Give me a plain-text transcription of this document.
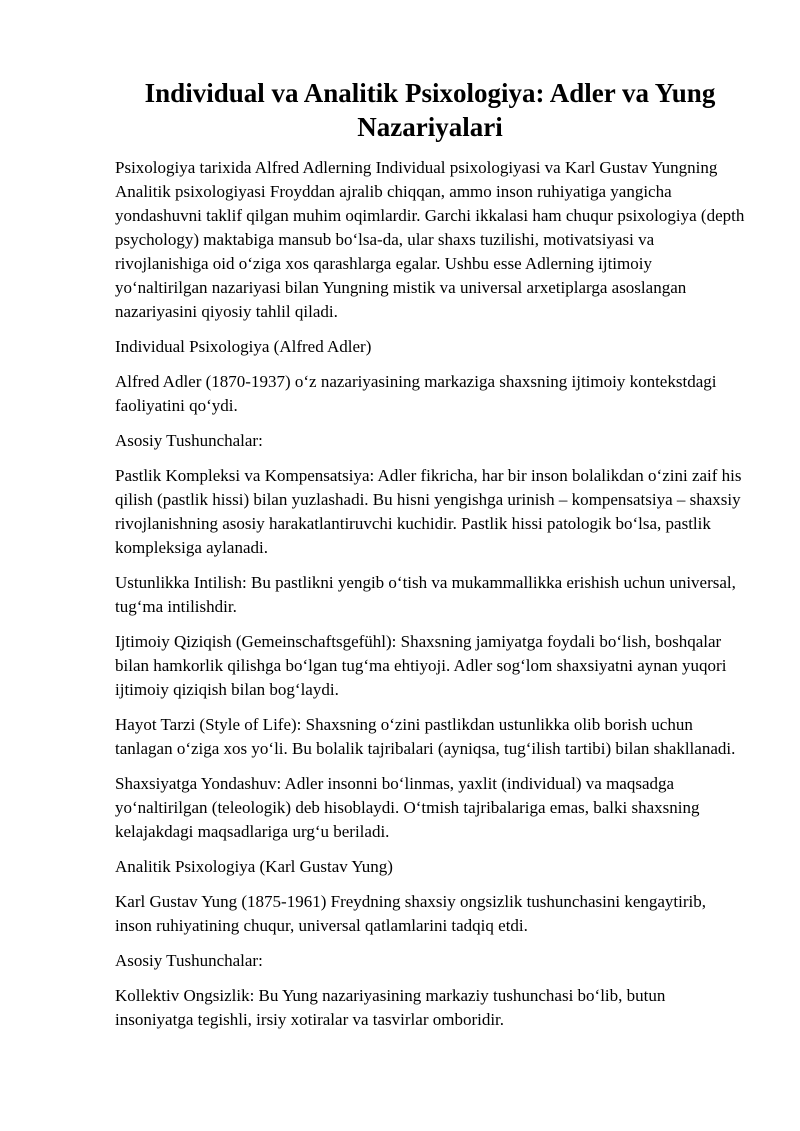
Individual va Analitik Psixologiya: Adler va Yung Nazariyalari

Psixologiya tarixida Alfred Adlerning Individual psixologiyasi va Karl Gustav Yungning Analitik psixologiyasi Froyddan ajralib chiqqan, ammo inson ruhiyatiga yangicha yondashuvni taklif qilgan muhim oqimlardir. Garchi ikkalasi ham chuqur psixologiya (depth psychology) maktabiga mansub bo‘lsa-da, ular shaxs tuzilishi, motivatsiyasi va rivojlanishiga oid o‘ziga xos qarashlarga egalar. Ushbu esse Adlerning ijtimoiy yo‘naltirilgan nazariyasi bilan Yungning mistik va universal arxetiplarga asoslangan nazariyasini qiyosiy tahlil qiladi.

Individual Psixologiya (Alfred Adler)

Alfred Adler (1870-1937) o‘z nazariyasining markaziga shaxsning ijtimoiy kontekstdagi faoliyatini qo‘ydi.

Asosiy Tushunchalar:

Pastlik Kompleksi va Kompensatsiya: Adler fikricha, har bir inson bolalikdan o‘zini zaif his qilish (pastlik hissi) bilan yuzlashadi. Bu hisni yengishga urinish – kompensatsiya – shaxsiy rivojlanishning asosiy harakatlantiruvchi kuchidir. Pastlik hissi patologik bo‘lsa, pastlik kompleksiga aylanadi.

Ustunlikka Intilish: Bu pastlikni yengib o‘tish va mukammallikka erishish uchun universal, tug‘ma intilishdir.

Ijtimoiy Qiziqish (Gemeinschaftsgefühl): Shaxsning jamiyatga foydali bo‘lish, boshqalar bilan hamkorlik qilishga bo‘lgan tug‘ma ehtiyoji. Adler sog‘lom shaxsiyatni aynan yuqori ijtimoiy qiziqish bilan bog‘laydi.

Hayot Tarzi (Style of Life): Shaxsning o‘zini pastlikdan ustunlikka olib borish uchun tanlagan o‘ziga xos yo‘li. Bu bolalik tajribalari (ayniqsa, tug‘ilish tartibi) bilan shakllanadi.

Shaxsiyatga Yondashuv: Adler insonni bo‘linmas, yaxlit (individual) va maqsadga yo‘naltirilgan (teleologik) deb hisoblaydi. O‘tmish tajribalariga emas, balki shaxsning kelajakdagi maqsadlariga urg‘u beriladi.

Analitik Psixologiya (Karl Gustav Yung)

Karl Gustav Yung (1875-1961) Freydning shaxsiy ongsizlik tushunchasini kengaytirib, inson ruhiyatining chuqur, universal qatlamlarini tadqiq etdi.

Asosiy Tushunchalar:

Kollektiv Ongsizlik: Bu Yung nazariyasining markaziy tushunchasi bo‘lib, butun insoniyatga tegishli, irsiy xotiralar va tasvirlar omboridir.
